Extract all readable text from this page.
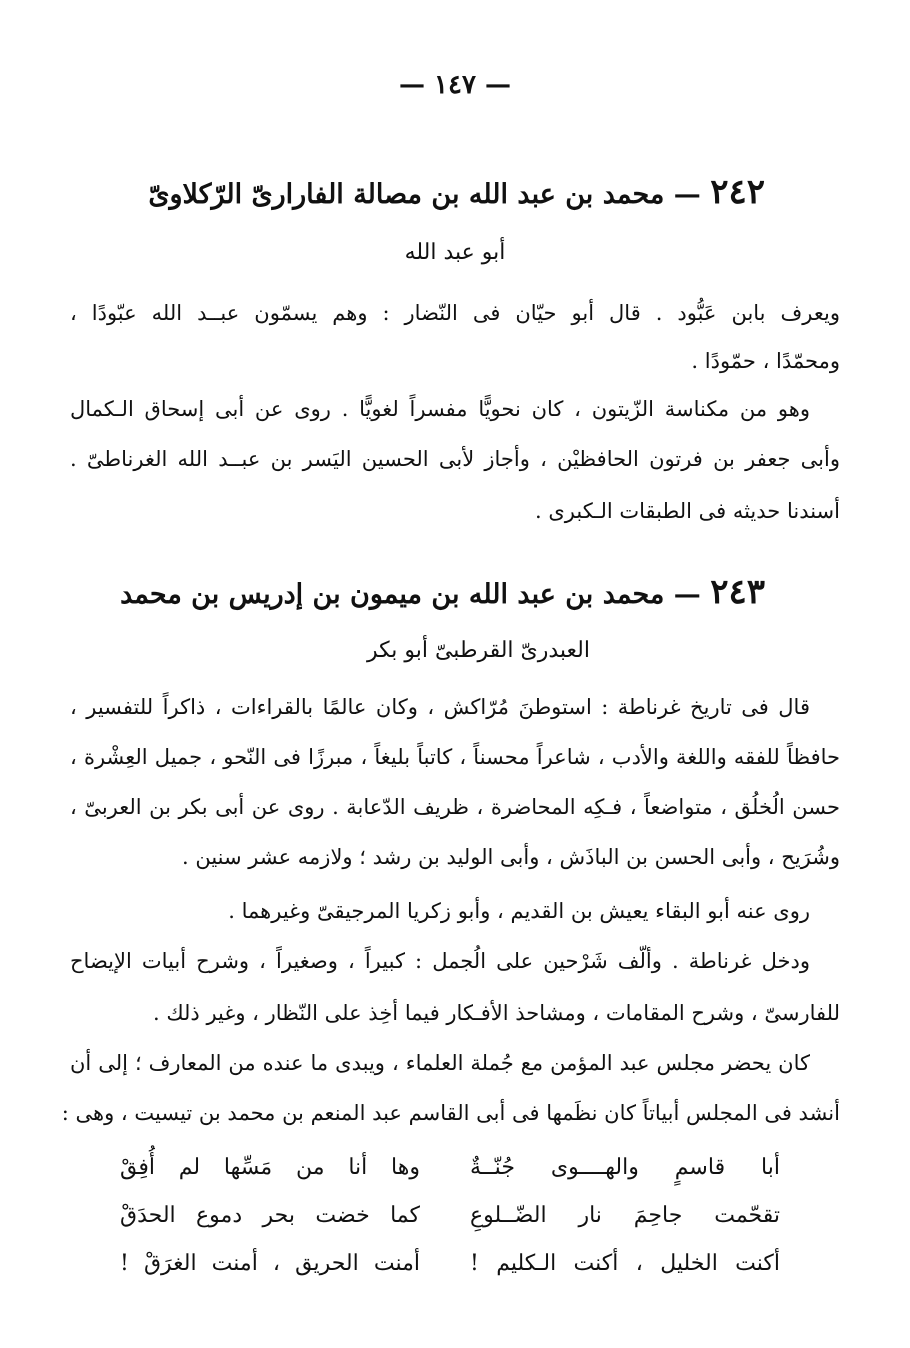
— ١٤٧ —
٢٤٢ — محمد بن عبد الله بن مصالة الفارارىّ الرّكلاوىّ
أبو عبد الله
ويعرف بابن عَبُّود . قال أبو حيّان فى النّضار : وهم يسمّون عبــد الله عبّودًا ،
ومحمّدًا ، حمّودًا .
وهو من مكناسة الزّيتون ، كان نحويًّا مفسراً لغويًّا . روى عن أبى إسحاق الـكمال
وأبى جعفر بن فرتون الحافظيْن ، وأجاز لأبى الحسين اليَسر بن عبــد الله الغرناطىّ .
أسندنا حديثه فى الطبقات الـكبرى .
٢٤٣ — محمد بن عبد الله بن ميمون بن إدريس بن محمد
العبدرىّ القرطبىّ أبو بكر
قال فى تاريخ غرناطة : استوطنَ مُرّاكش ، وكان عالمًا بالقراءات ، ذاكراً للتفسير ،
حافظاً للفقه واللغة والأدب ، شاعراً محسناً ، كاتباً بليغاً ، مبرزًا فى النّحو ، جميل العِشْرة ،
حسن الُخلُق ، متواضعاً ، فـكِه المحاضرة ، ظريف الدّعابة . روى عن أبى بكر بن العربىّ ،
وشُرَيح ، وأبى الحسن بن الباذَش ، وأبى الوليد بن رشد ؛ ولازمه عشر سنين .
روى عنه أبو البقاء يعيش بن القديم ، وأبو زكريا المرجيقىّ وغيرهما .
ودخل غرناطة . وألّف شَرْحين على الُجمل : كبيراً ، وصغيراً ، وشرح أبيات الإيضاح
للفارسىّ ، وشرح المقامات ، ومشاحذ الأفـكار فيما أخِذ على النّظار ، وغير ذلك .
كان يحضر مجلس عبد المؤمن مع جُملة العلماء ، ويبدى ما عنده من المعارف ؛ إلى أن
أنشد فى المجلس أبياتاً كان نظَمها فى أبى القاسم عبد المنعم بن محمد بن تيسيت ، وهى :
أبا قاسمٍ والهــــوى جُنّــةٌ
وها أنا من مَسِّها لم أُفِقْ
تقحّمت جاحِمَ نار الضّــلوعِ
كما خضت بحر دموع الحدَقْ
أكنت الخليل ، أكنت الـكليم !
أمنت الحريق ، أمنت الغرَقْ !
